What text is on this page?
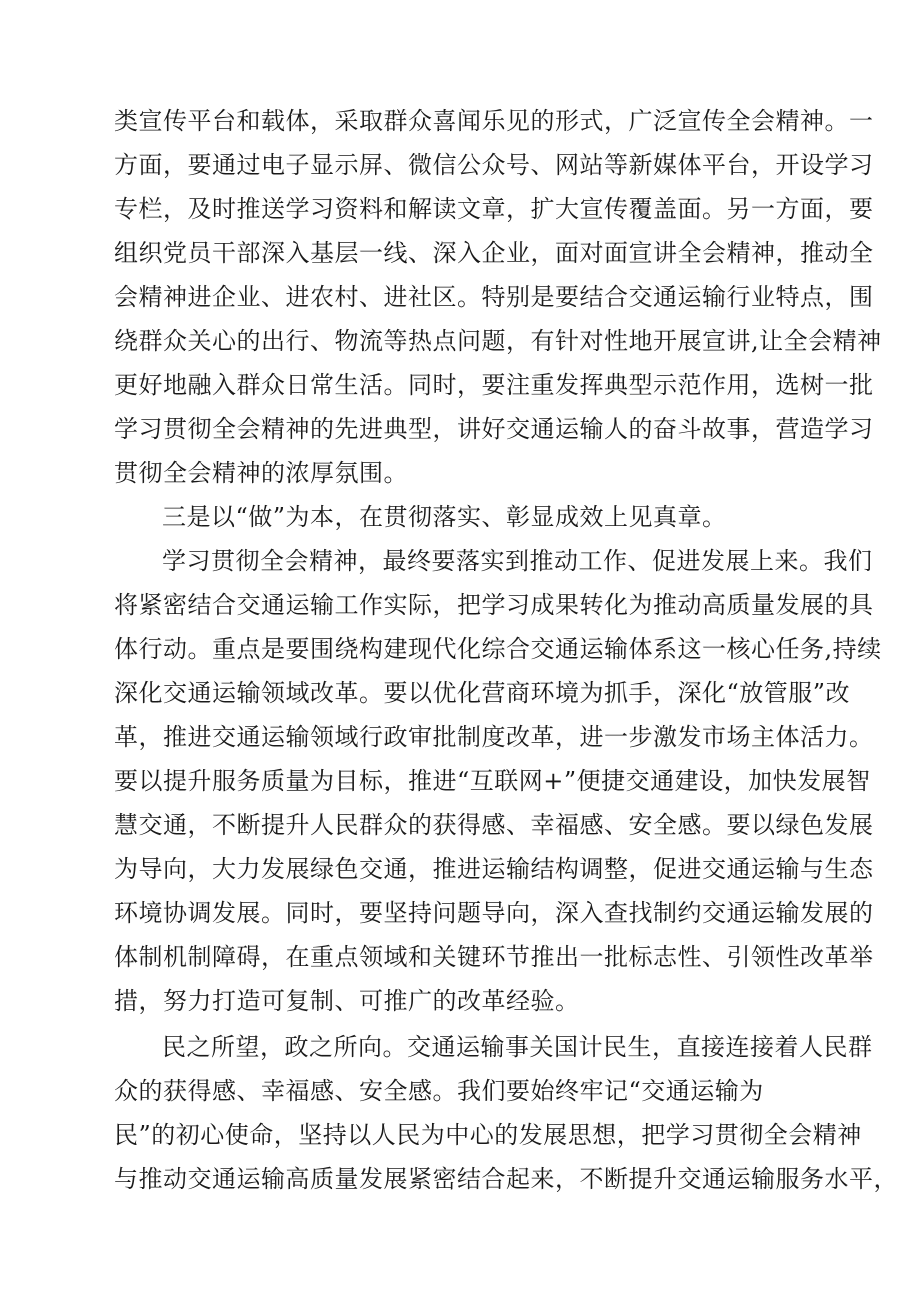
类宣传平台和载体，采取群众喜闻乐见的形式，广泛宣传全会精神。一
方面，要通过电子显示屏、微信公众号、网站等新媒体平台，开设学习
专栏，及时推送学习资料和解读文章，扩大宣传覆盖面。另一方面，要
组织党员干部深入基层一线、深入企业，面对面宣讲全会精神，推动全
会精神进企业、进农村、进社区。特别是要结合交通运输行业特点，围
绕群众关心的出行、物流等热点问题，有针对性地开展宣讲,让全会精神
更好地融入群众日常生活。同时，要注重发挥典型示范作用，选树一批
学习贯彻全会精神的先进典型，讲好交通运输人的奋斗故事，营造学习
贯彻全会精神的浓厚氛围。
三是以“做”为本，在贯彻落实、彰显成效上见真章。
学习贯彻全会精神，最终要落实到推动工作、促进发展上来。我们
将紧密结合交通运输工作实际，把学习成果转化为推动高质量发展的具
体行动。重点是要围绕构建现代化综合交通运输体系这一核心任务,持续
深化交通运输领域改革。要以优化营商环境为抓手，深化“放管服”改
革，推进交通运输领域行政审批制度改革，进一步激发市场主体活力。
要以提升服务质量为目标，推进“互联网+”便捷交通建设，加快发展智
慧交通，不断提升人民群众的获得感、幸福感、安全感。要以绿色发展
为导向，大力发展绿色交通，推进运输结构调整，促进交通运输与生态
环境协调发展。同时，要坚持问题导向，深入查找制约交通运输发展的
体制机制障碍，在重点领域和关键环节推出一批标志性、引领性改革举
措，努力打造可复制、可推广的改革经验。
民之所望，政之所向。交通运输事关国计民生，直接连接着人民群
众的获得感、幸福感、安全感。我们要始终牢记“交通运输为
民”的初心使命，坚持以人民为中心的发展思想，把学习贯彻全会精神
与推动交通运输高质量发展紧密结合起来，不断提升交通运输服务水平，
